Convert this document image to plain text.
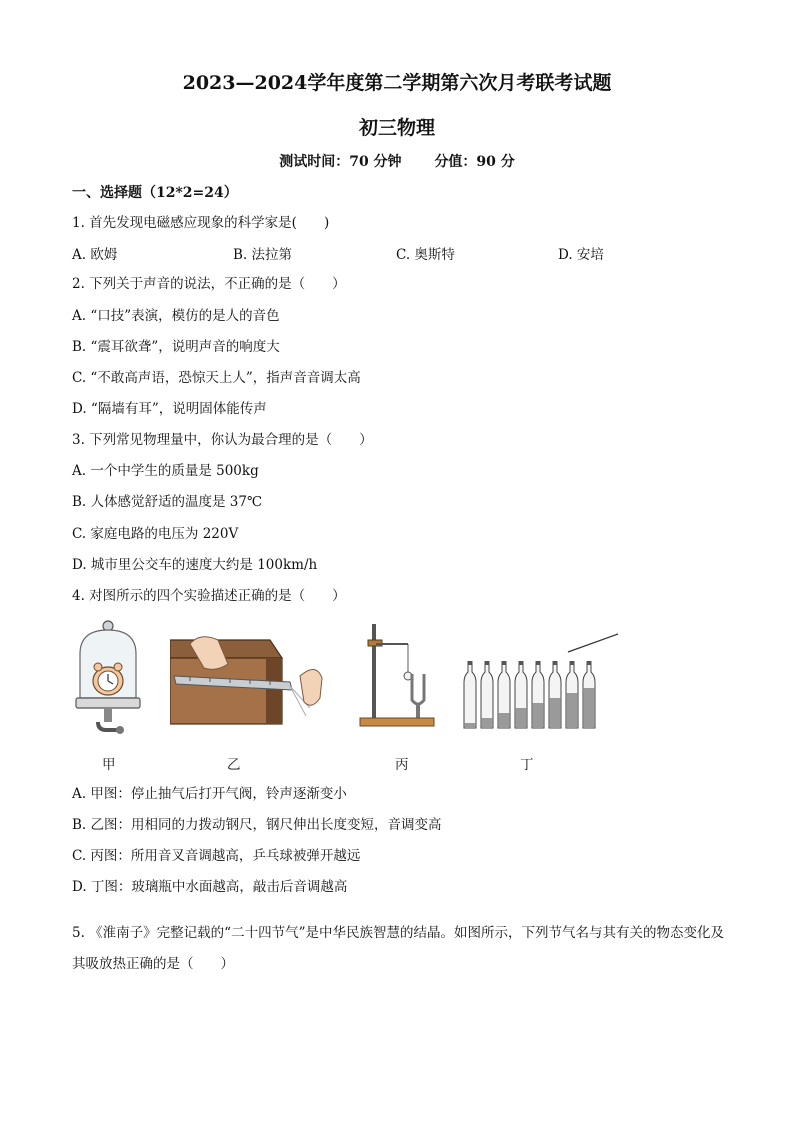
2023—2024学年度第二学期第六次月考联考试题
初三物理
测试时间：70 分钟 分值：90 分
一、选择题（12*2=24）
1. 首先发现电磁感应现象的科学家是(　　)
A. 欧姆	B. 法拉第	C. 奥斯特	D. 安培
2. 下列关于声音的说法，不正确的是（　　）
A. “口技”表演，模仿的是人的音色
B. “震耳欲聋”，说明声音的响度大
C. “不敢高声语，恐惊天上人”，指声音音调太高
D. “隔墙有耳”，说明固体能传声
3. 下列常见物理量中，你认为最合理的是（　　）
A. 一个中学生的质量是 500kg
B. 人体感觉舒适的温度是 37℃
C. 家庭电路的电压为 220V
D. 城市里公交车的速度大约是 100km/h
4. 对图所示的四个实验描述正确的是（　　）
甲	乙	丙	丁
A. 甲图：停止抽气后打开气阀，铃声逐渐变小
B. 乙图：用相同的力拨动钢尺，钢尺伸出长度变短，音调变高
C. 丙图：所用音叉音调越高，乒乓球被弹开越远
D. 丁图：玻璃瓶中水面越高，敲击后音调越高
5. 《淮南子》完整记载的“二十四节气”是中华民族智慧的结晶。如图所示，下列节气名与其有关的物态变化及其吸放热正确的是（　　）
